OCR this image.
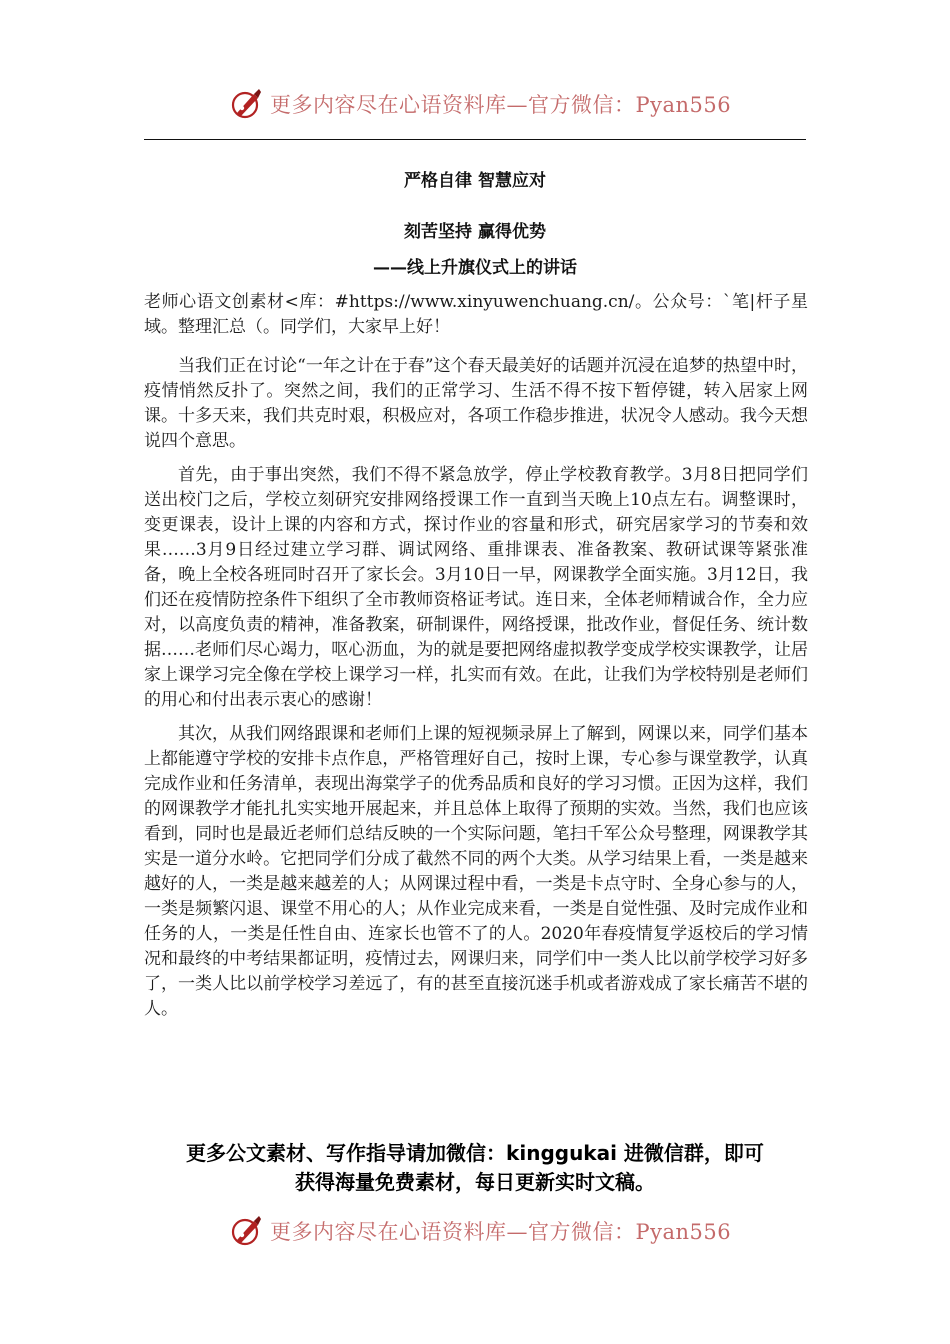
更多内容尽在心语资料库—官方微信：Pyan556
严格自律 智慧应对
刻苦坚持 赢得优势
——线上升旗仪式上的讲话

老师心语文创素材<库：#https://www.xinyuwenchuang.cn/。公众号：`笔|杆子星域。整理汇总（。同学们，大家早上好！

当我们正在讨论“一年之计在于春”这个春天最美好的话题并沉浸在追梦的热望中时，疫情悄然反扑了。突然之间，我们的正常学习、生活不得不按下暂停键，转入居家上网课。十多天来，我们共克时艰，积极应对，各项工作稳步推进，状况令人感动。我今天想说四个意思。

首先，由于事出突然，我们不得不紧急放学，停止学校教育教学。3月8日把同学们送出校门之后，学校立刻研究安排网络授课工作一直到当天晚上10点左右。调整课时，变更课表，设计上课的内容和方式，探讨作业的容量和形式，研究居家学习的节奏和效果……3月9日经过建立学习群、调试网络、重排课表、准备教案、教研试课等紧张准备，晚上全校各班同时召开了家长会。3月10日一早，网课教学全面实施。3月12日，我们还在疫情防控条件下组织了全市教师资格证考试。连日来，全体老师精诚合作，全力应对，以高度负责的精神，准备教案，研制课件，网络授课，批改作业，督促任务、统计数据……老师们尽心竭力，呕心沥血，为的就是要把网络虚拟教学变成学校实课教学，让居家上课学习完全像在学校上课学习一样，扎实而有效。在此，让我们为学校特别是老师们的用心和付出表示衷心的感谢！

其次，从我们网络跟课和老师们上课的短视频录屏上了解到，网课以来，同学们基本上都能遵守学校的安排卡点作息，严格管理好自己，按时上课，专心参与课堂教学，认真完成作业和任务清单，表现出海棠学子的优秀品质和良好的学习习惯。正因为这样，我们的网课教学才能扎扎实实地开展起来，并且总体上取得了预期的实效。当然，我们也应该看到，同时也是最近老师们总结反映的一个实际问题，笔扫千军公众号整理，网课教学其实是一道分水岭。它把同学们分成了截然不同的两个大类。从学习结果上看，一类是越来越好的人，一类是越来越差的人；从网课过程中看，一类是卡点守时、全身心参与的人，一类是频繁闪退、课堂不用心的人；从作业完成来看，一类是自觉性强、及时完成作业和任务的人，一类是任性自由、连家长也管不了的人。2020年春疫情复学返校后的学习情况和最终的中考结果都证明，疫情过去，网课归来，同学们中一类人比以前学校学习好多了，一类人比以前学校学习差远了，有的甚至直接沉迷手机或者游戏成了家长痛苦不堪的人。

更多公文素材、写作指导请加微信：kinggukai 进微信群，即可
获得海量免费素材，每日更新实时文稿。
更多内容尽在心语资料库—官方微信：Pyan556
